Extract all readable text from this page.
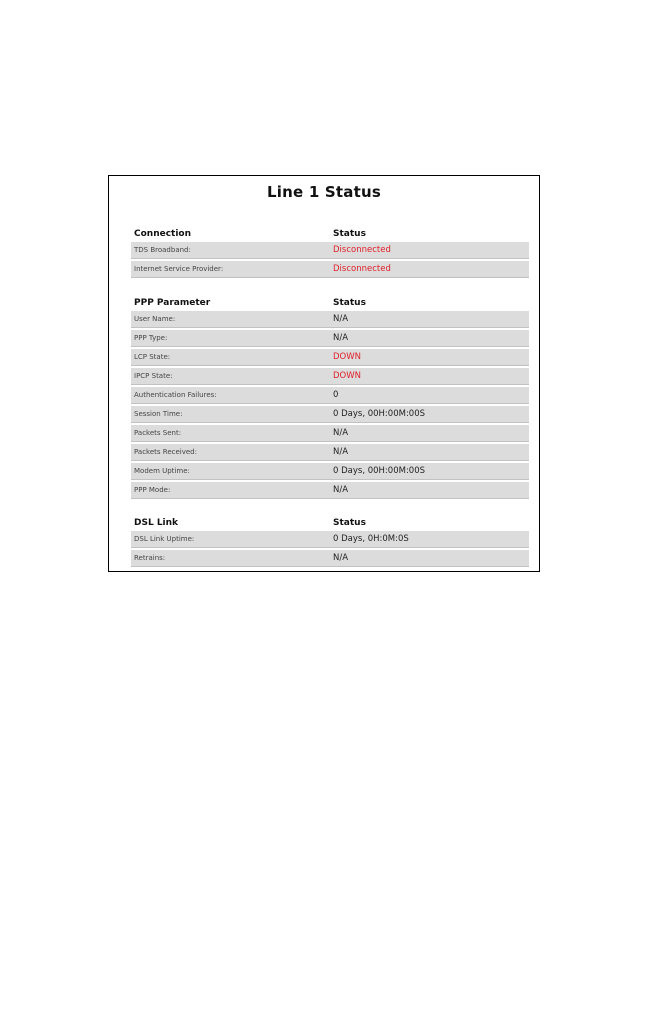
Line 1 Status
Connection	Status
TDS Broadband:	Disconnected
Internet Service Provider:	Disconnected
PPP Parameter	Status
User Name:	N/A
PPP Type:	N/A
LCP State:	DOWN
IPCP State:	DOWN
Authentication Failures:	0
Session Time:	0 Days, 00H:00M:00S
Packets Sent:	N/A
Packets Received:	N/A
Modem Uptime:	0 Days, 00H:00M:00S
PPP Mode:	N/A
DSL Link	Status
DSL Link Uptime:	0 Days, 0H:0M:0S
Retrains:	N/A
